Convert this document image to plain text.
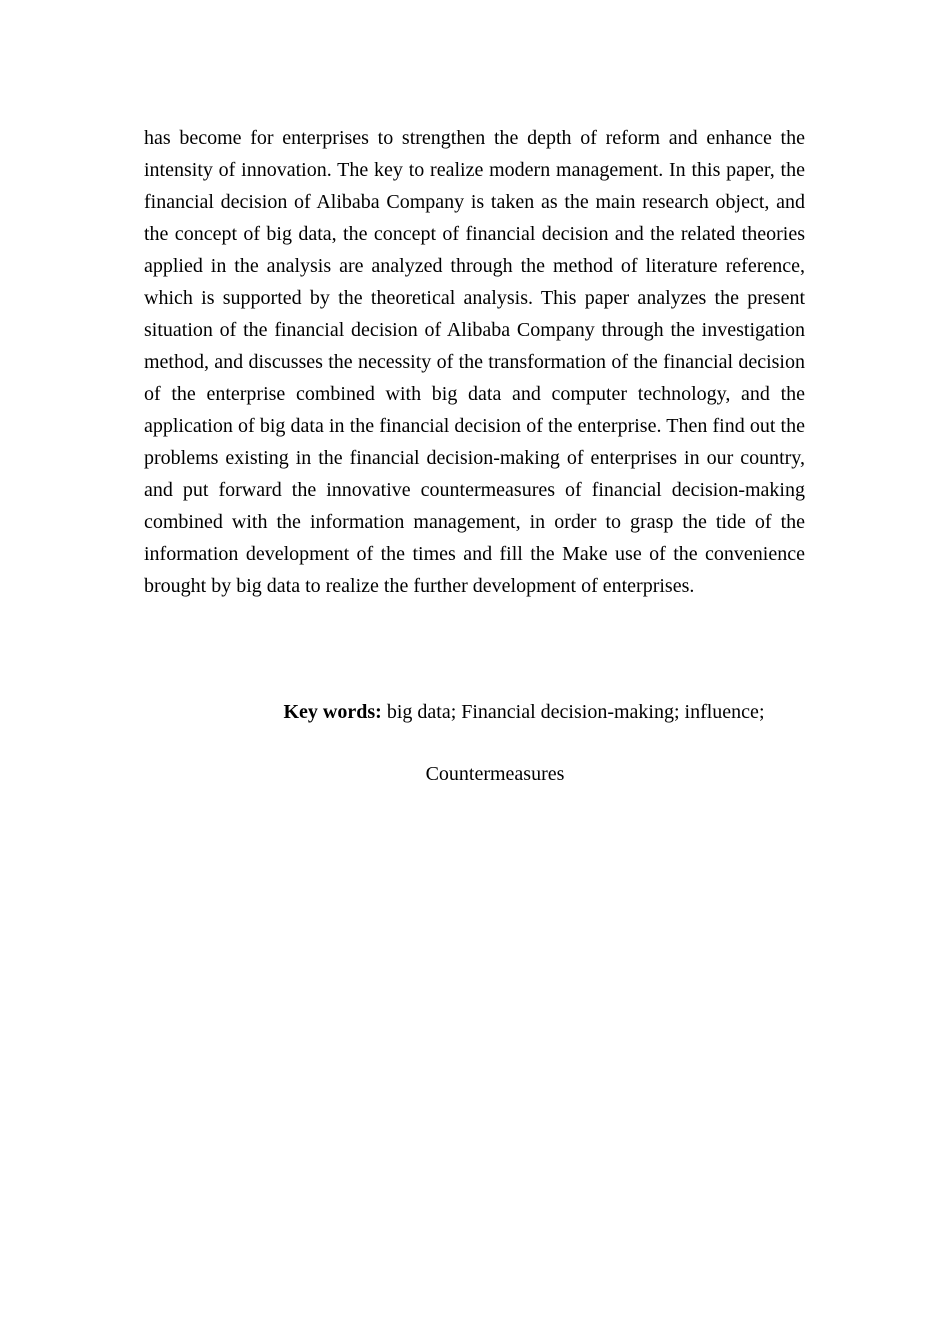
has become for enterprises to strengthen the depth of reform and enhance the intensity of innovation. The key to realize modern management. In this paper, the financial decision of Alibaba Company is taken as the main research object, and the concept of big data, the concept of financial decision and the related theories applied in the analysis are analyzed through the method of literature reference, which is supported by the theoretical analysis. This paper analyzes the present situation of the financial decision of Alibaba Company through the investigation method, and discusses the necessity of the transformation of the financial decision of the enterprise combined with big data and computer technology, and the application of big data in the financial decision of the enterprise. Then find out the problems existing in the financial decision-making of enterprises in our country, and put forward the innovative countermeasures of financial decision-making combined with the information management, in order to grasp the tide of the information development of the times and fill the Make use of the convenience brought by big data to realize the further development of enterprises.

Key words: big data; Financial decision-making; influence;

Countermeasures
